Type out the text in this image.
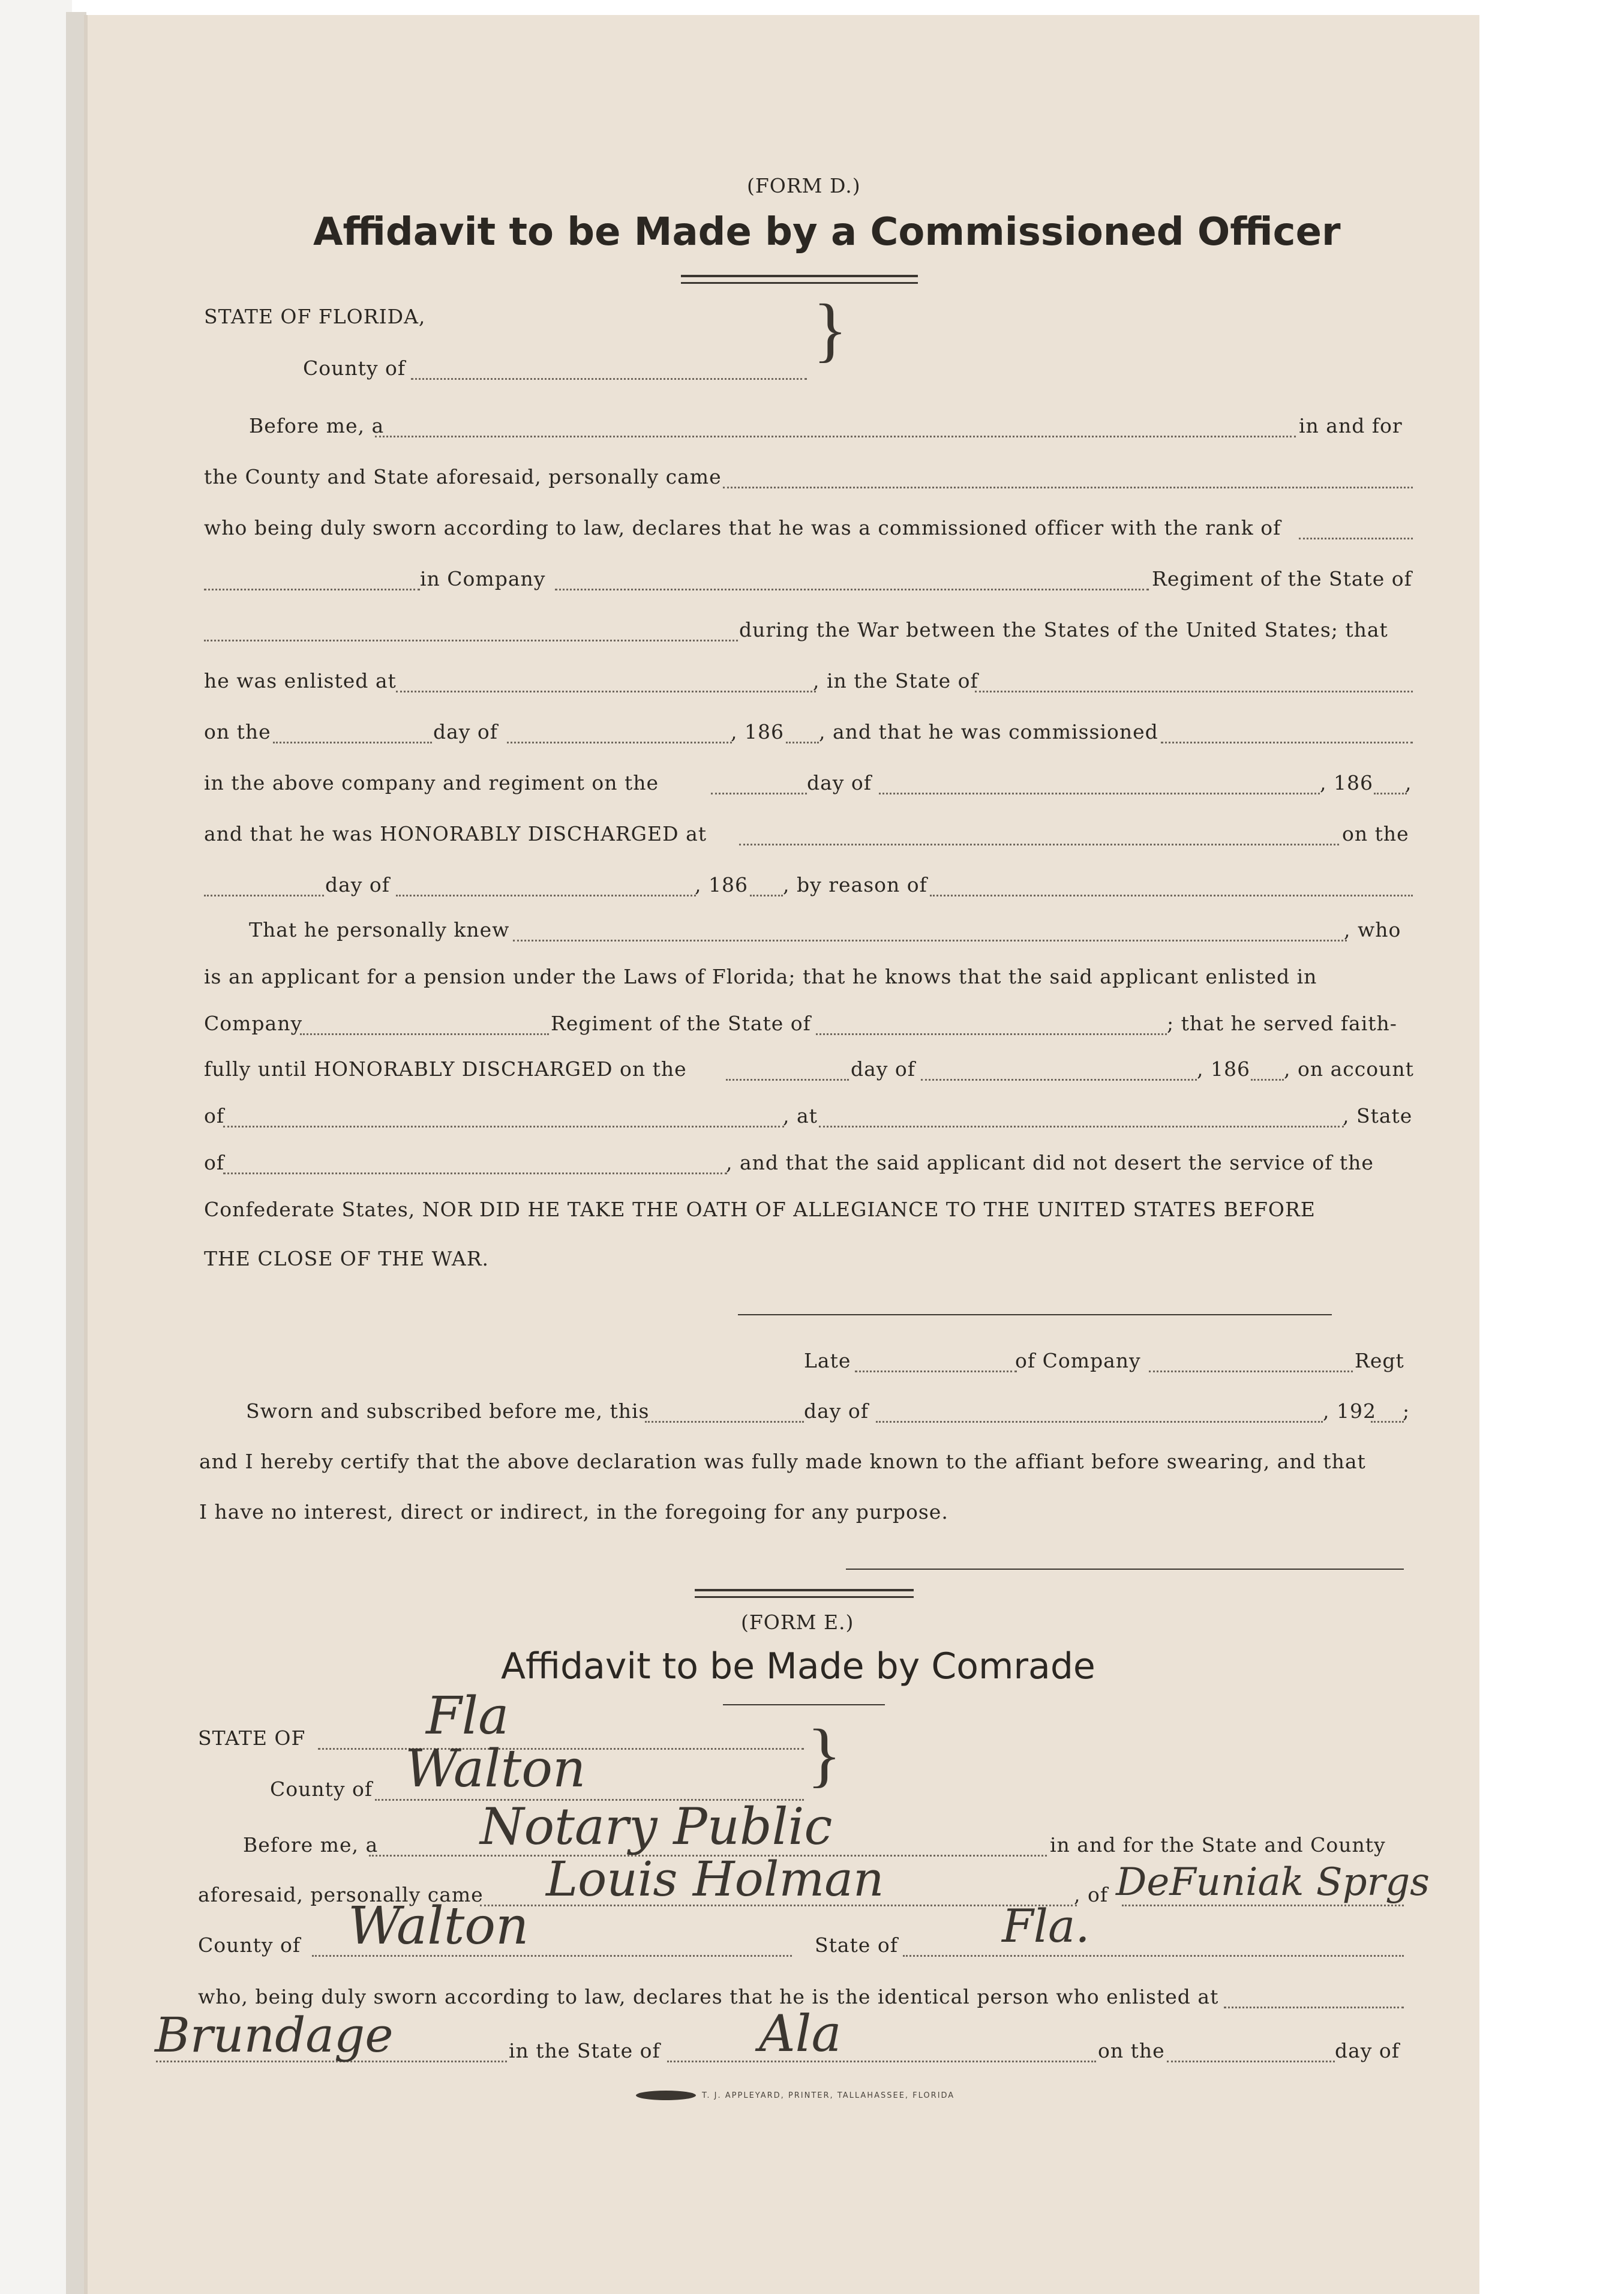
(FORM D.)
Affidavit to be Made by a Commissioned Officer
STATE OF FLORIDA,
County of	}
Before me, a	in and for
the County and State aforesaid, personally came
who being duly sworn according to law, declares that he was a commissioned officer with the rank of
in Company	Regiment of the State of
during the War between the States of the United States; that
he was enlisted at	, in the State of
on the	day of	, 186 , and that he was commissioned
in the above company and regiment on the	day of	, 186 ,
and that he was HONORABLY DISCHARGED at	on the
day of	, 186 , by reason of
That he personally knew	, who
is an applicant for a pension under the Laws of Florida; that he knows that the said applicant enlisted in
Company	Regiment of the State of	; that he served faith-
fully until HONORABLY DISCHARGED on the	day of	, 186 , on account
of	, at	, State
of	, and that the said applicant did not desert the service of the
Confederate States, NOR DID HE TAKE THE OATH OF ALLEGIANCE TO THE UNITED STATES BEFORE
THE CLOSE OF THE WAR.
Late	of Company	Regt
Sworn and subscribed before me, this	day of	, 192 ;
and I hereby certify that the above declaration was fully made known to the affiant before swearing, and that
I have no interest, direct or indirect, in the foregoing for any purpose.
(FORM E.)
Affidavit to be Made by Comrade
STATE OF Fla
County of Walton	}
Before me, a Notary Public	in and for the State and County
aforesaid, personally came Louis Holman	, of DeFuniak Sprgs
County of Walton	State of Fla.
who, being duly sworn according to law, declares that he is the identical person who enlisted at
Brundage	in the State of Ala	on the	day of
T. J. APPLEYARD, PRINTER, TALLAHASSEE, FLORIDA
